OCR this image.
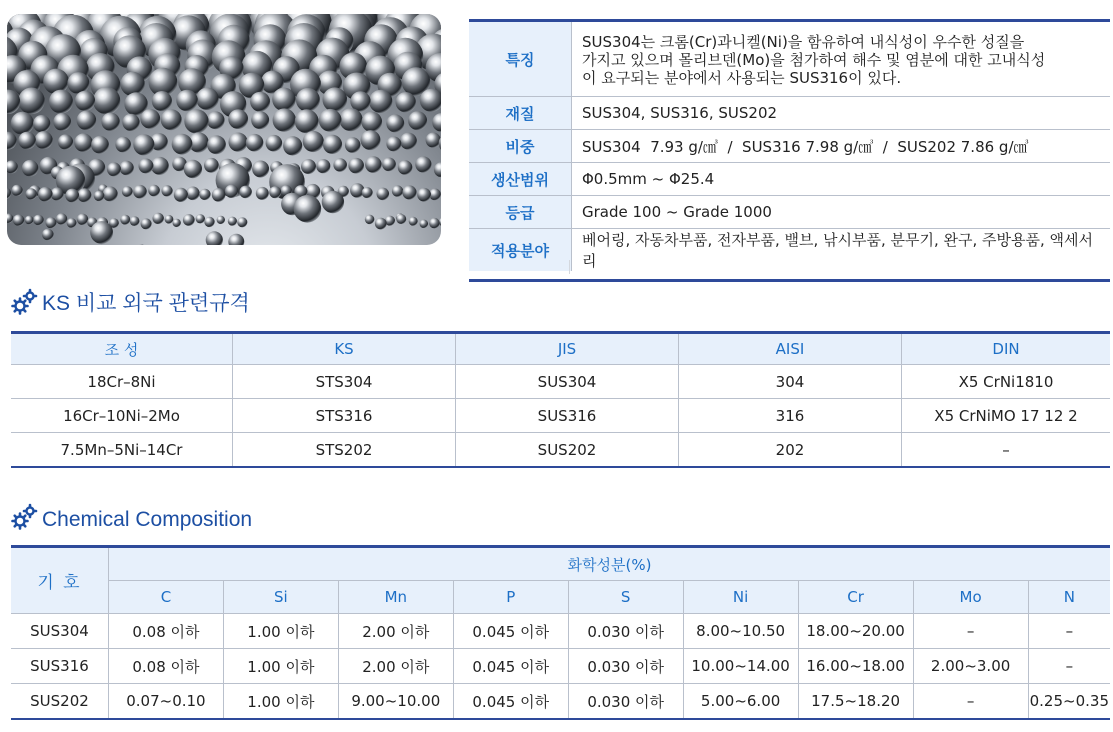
특징	SUS304는 크롬(Cr)과니켈(Ni)을 함유하여 내식성이 우수한 성질을
가지고 있으며 몰리브덴(Mo)을 첨가하여 해수 및 염분에 대한 고내식성
이 요구되는 분야에서 사용되는 SUS316이 있다.

재질	SUS304, SUS316, SUS202
비중	SUS304  7.93 g/㎤  /  SUS316 7.98 g/㎤  /  SUS202 7.86 g/㎤
생산범위	Φ0.5mm ~ Φ25.4
등급	Grade 100 ~ Grade 1000
적용분야	베어링, 자동차부품, 전자부품, 밸브, 낚시부품, 분무기, 완구, 주방용품, 액세서리
KS 비교 외국 관련규격
조 성	KS	JIS	AISI	DIN
18Cr–8Ni	STS304	SUS304	304	X5 CrNi1810
16Cr–10Ni–2Mo	STS316	SUS316	316	X5 CrNiMO 17 12 2
7.5Mn–5Ni–14Cr	STS202	SUS202	202	–
Chemical Composition
기 호	화학성분(%)								
	C	Si	Mn	P	S	Ni	Cr	Mo	N
SUS304	0.08 이하	1.00 이하	2.00 이하	0.045 이하	0.030 이하	8.00~10.50	18.00~20.00	–	–
SUS316	0.08 이하	1.00 이하	2.00 이하	0.045 이하	0.030 이하	10.00~14.00	16.00~18.00	2.00~3.00	–
SUS202	0.07~0.10	1.00 이하	9.00~10.00	0.045 이하	0.030 이하	5.00~6.00	17.5~18.20	–	0.25~0.35
